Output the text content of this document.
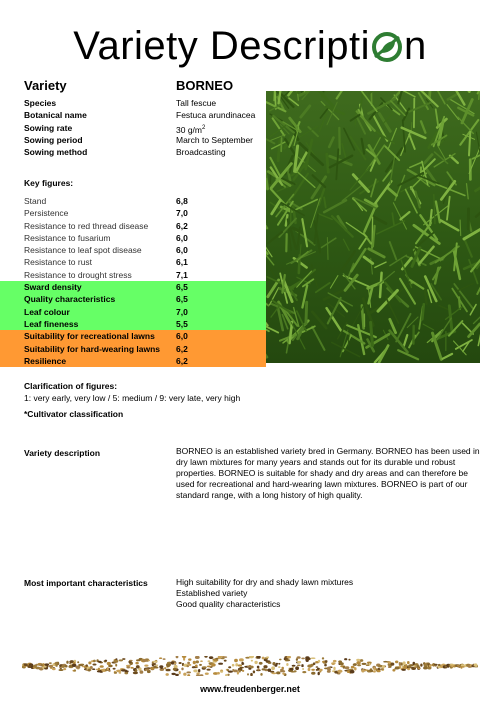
Variety Descripti n
Variety	BORNEO
Species	Tall fescue
Botanical name	Festuca arundinacea
Sowing rate	30 $g/m^2$
Sowing period	March to September
Sowing method	Broadcasting
Key figures:
Stand	6,8
Persistence	7,0
Resistance to red thread disease	6,2
Resistance to fusarium	6,0
Resistance to leaf spot disease	6,0
Resistance to rust	6,1
Resistance to drought stress	7,1
Sward density	6,5
Quality characteristics	6,5
Leaf colour	7,0
Leaf fineness	5,5
Suitability for recreational lawns 6,0
Suitability for hard-wearing lawns 6,2
Resilience	6,2
Clarification of figures:
1: very early, very low / 5: medium / 9: very late, very high
*Cultivator classification
Variety description	BORNEO is an established variety bred in Germany. BORNEO has been used in dry lawn mixtures for many years and stands out for its durable und robust properties. BORNEO is suitable for shady and dry areas and can therefore be used for recreational and hard-wearing lawn mixtures. BORNEO is part of our standard range, with a long history of high quality.
Most important characteristics	High suitability for dry and shady lawn mixtures
Established variety
Good quality characteristics
www.freudenberger.net
